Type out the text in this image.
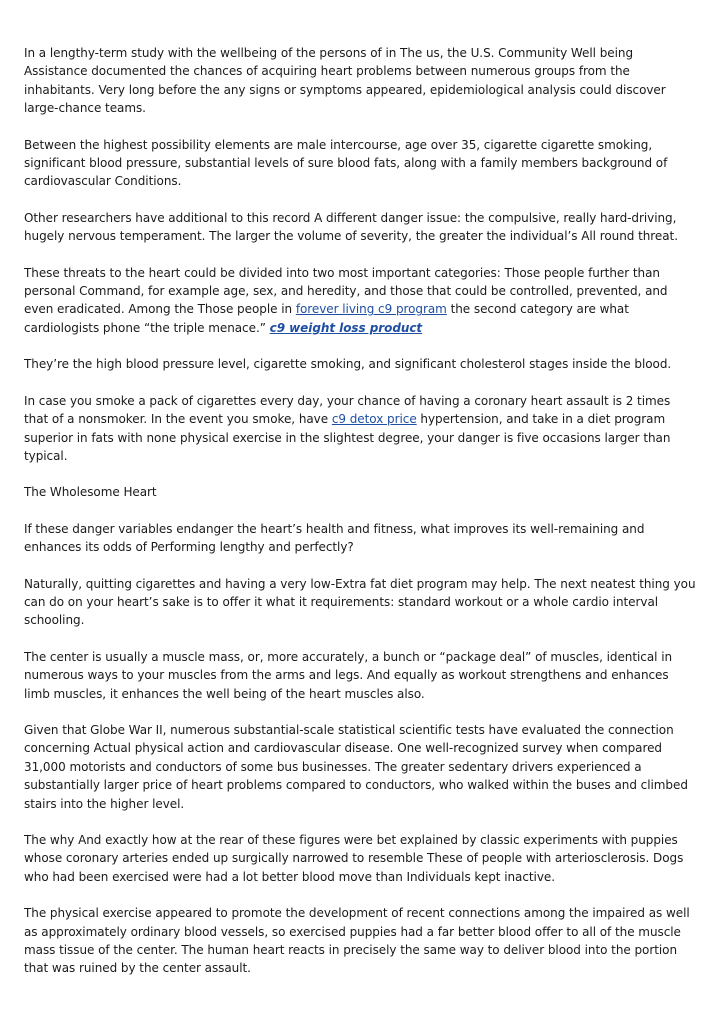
In a lengthy-term study with the wellbeing of the persons of in The us, the U.S. Community Well being Assistance documented the chances of acquiring heart problems between numerous groups from the inhabitants. Very long before the any signs or symptoms appeared, epidemiological analysis could discover large-chance teams.

Between the highest possibility elements are male intercourse, age over 35, cigarette cigarette smoking, significant blood pressure, substantial levels of sure blood fats, along with a family members background of cardiovascular Conditions.

Other researchers have additional to this record A different danger issue: the compulsive, really hard-driving, hugely nervous temperament. The larger the volume of severity, the greater the individual’s All round threat.

These threats to the heart could be divided into two most important categories: Those people further than personal Command, for example age, sex, and heredity, and those that could be controlled, prevented, and even eradicated. Among the Those people in forever living c9 program the second category are what cardiologists phone “the triple menace.” c9 weight loss product

They’re the high blood pressure level, cigarette smoking, and significant cholesterol stages inside the blood.

In case you smoke a pack of cigarettes every day, your chance of having a coronary heart assault is 2 times that of a nonsmoker. In the event you smoke, have c9 detox price hypertension, and take in a diet program superior in fats with none physical exercise in the slightest degree, your danger is five occasions larger than typical.

The Wholesome Heart

If these danger variables endanger the heart’s health and fitness, what improves its well-remaining and enhances its odds of Performing lengthy and perfectly?

Naturally, quitting cigarettes and having a very low-Extra fat diet program may help. The next neatest thing you can do on your heart’s sake is to offer it what it requirements: standard workout or a whole cardio interval schooling.

The center is usually a muscle mass, or, more accurately, a bunch or “package deal” of muscles, identical in numerous ways to your muscles from the arms and legs. And equally as workout strengthens and enhances limb muscles, it enhances the well being of the heart muscles also.

Given that Globe War II, numerous substantial-scale statistical scientific tests have evaluated the connection concerning Actual physical action and cardiovascular disease. One well-recognized survey when compared 31,000 motorists and conductors of some bus businesses. The greater sedentary drivers experienced a substantially larger price of heart problems compared to conductors, who walked within the buses and climbed stairs into the higher level.

The why And exactly how at the rear of these figures were bet explained by classic experiments with puppies whose coronary arteries ended up surgically narrowed to resemble These of people with arteriosclerosis. Dogs who had been exercised were had a lot better blood move than Individuals kept inactive.

The physical exercise appeared to promote the development of recent connections among the impaired as well as approximately ordinary blood vessels, so exercised puppies had a far better blood offer to all of the muscle mass tissue of the center. The human heart reacts in precisely the same way to deliver blood into the portion that was ruined by the center assault.
